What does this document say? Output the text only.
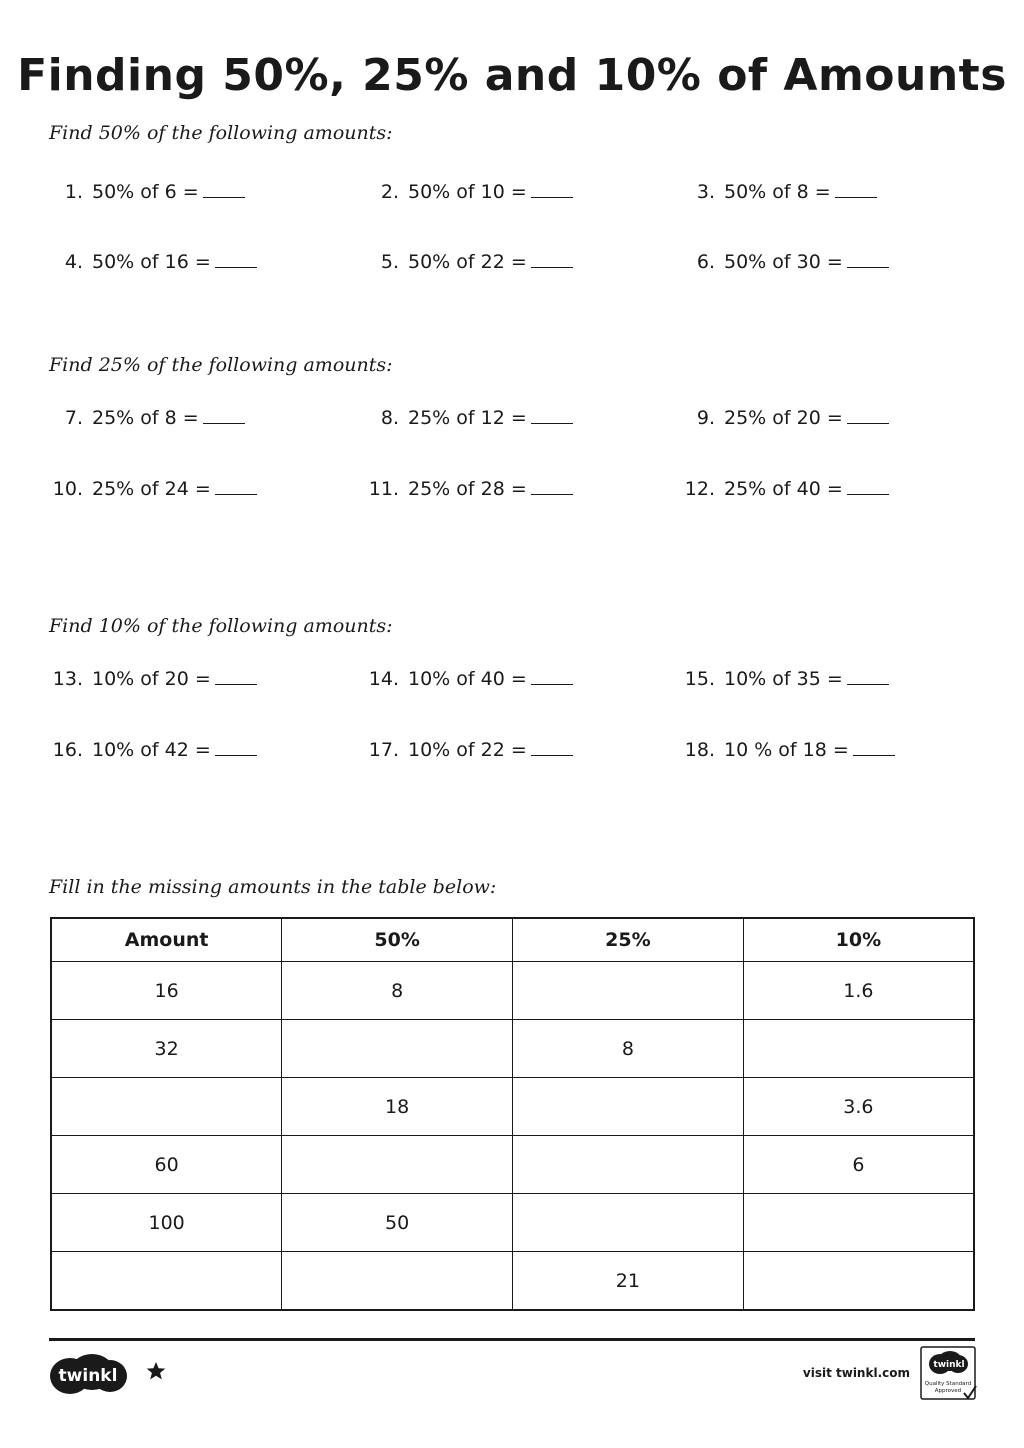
Finding 50%, 25% and 10% of Amounts
Find 50% of the following amounts:
1. 50% of 6 =	2. 50% of 10 =	3. 50% of 8 =
4. 50% of 16 =	5. 50% of 22 =	6. 50% of 30 =
Find 25% of the following amounts:
7. 25% of 8 =	8. 25% of 12 =	9. 25% of 20 =
10. 25% of 24 =	11. 25% of 28 =	12. 25% of 40 =
Find 10% of the following amounts:
13. 10% of 20 =	14. 10% of 40 =	15. 10% of 35 =
16. 10% of 42 =	17. 10% of 22 =	18. 10 % of 18 =
Fill in the missing amounts in the table below:
Amount	50%	25%	10%
16	8		1.6
32		8	
	18		3.6
60			6
100	50		
		21	
twinkl	visit twinkl.com
twinkl
Quality Standard
Approved
